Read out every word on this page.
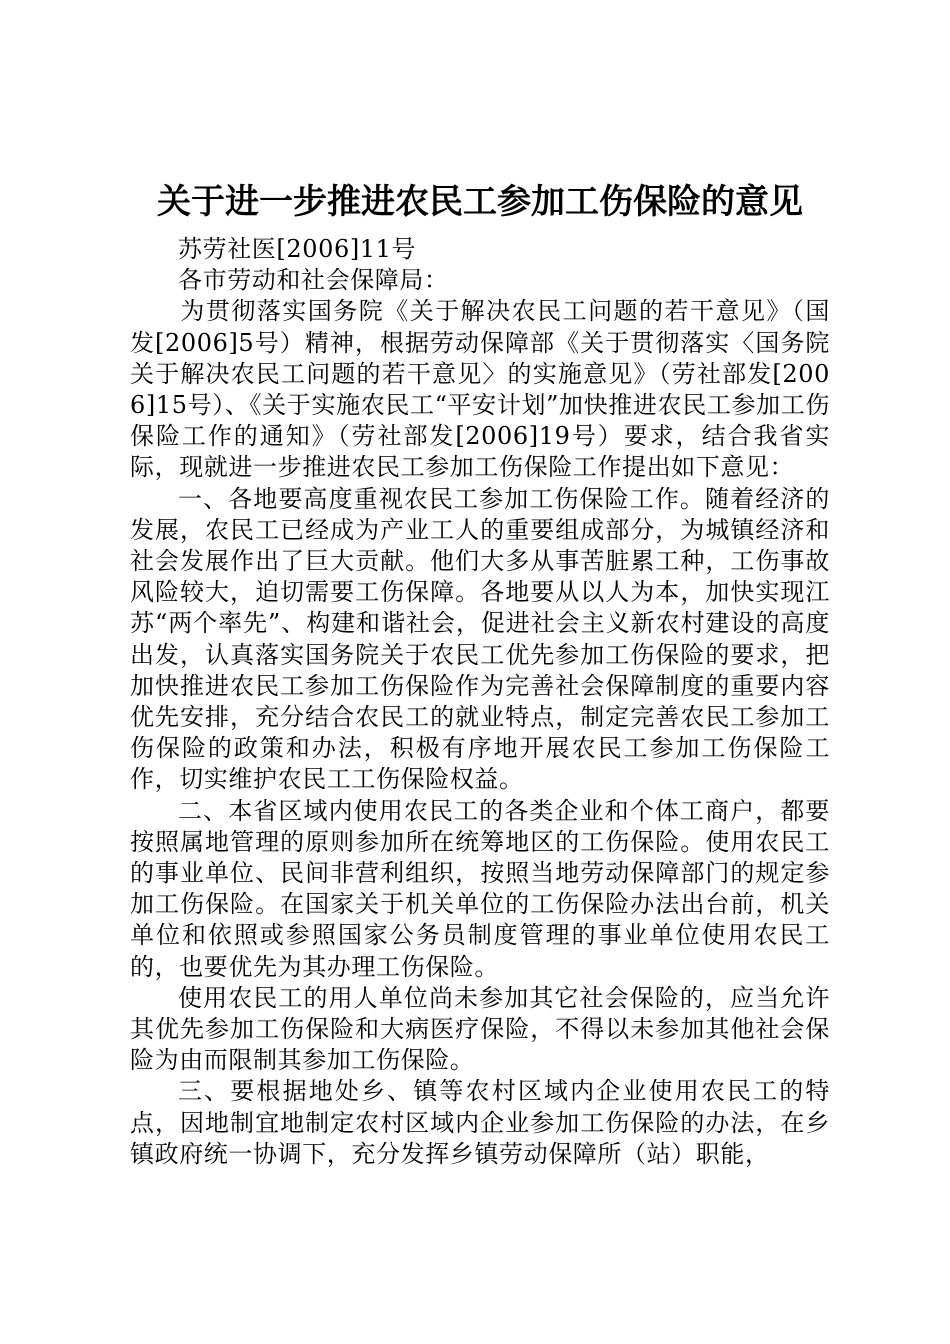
关于进一步推进农民工参加工伤保险的意见

苏劳社医[2006]11号

各市劳动和社会保障局：

为贯彻落实国务院《关于解决农民工问题的若干意见》（国发[2006]5号）精神，根据劳动保障部《关于贯彻落实〈国务院关于解决农民工问题的若干意见〉的实施意见》（劳社部发[2006]15号）、《关于实施农民工“平安计划”加快推进农民工参加工伤保险工作的通知》（劳社部发[2006]19号）要求，结合我省实际，现就进一步推进农民工参加工伤保险工作提出如下意见：

一、各地要高度重视农民工参加工伤保险工作。随着经济的发展，农民工已经成为产业工人的重要组成部分，为城镇经济和社会发展作出了巨大贡献。他们大多从事苦脏累工种，工伤事故风险较大，迫切需要工伤保障。各地要从以人为本，加快实现江苏“两个率先”、构建和谐社会，促进社会主义新农村建设的高度出发，认真落实国务院关于农民工优先参加工伤保险的要求，把加快推进农民工参加工伤保险作为完善社会保障制度的重要内容优先安排，充分结合农民工的就业特点，制定完善农民工参加工伤保险的政策和办法，积极有序地开展农民工参加工伤保险工作，切实维护农民工工伤保险权益。

二、本省区域内使用农民工的各类企业和个体工商户，都要按照属地管理的原则参加所在统筹地区的工伤保险。使用农民工的事业单位、民间非营利组织，按照当地劳动保障部门的规定参加工伤保险。在国家关于机关单位的工伤保险办法出台前，机关单位和依照或参照国家公务员制度管理的事业单位使用农民工的，也要优先为其办理工伤保险。

使用农民工的用人单位尚未参加其它社会保险的，应当允许其优先参加工伤保险和大病医疗保险，不得以未参加其他社会保险为由而限制其参加工伤保险。

三、要根据地处乡、镇等农村区域内企业使用农民工的特点，因地制宜地制定农村区域内企业参加工伤保险的办法，在乡镇政府统一协调下，充分发挥乡镇劳动保障所（站）职能，
